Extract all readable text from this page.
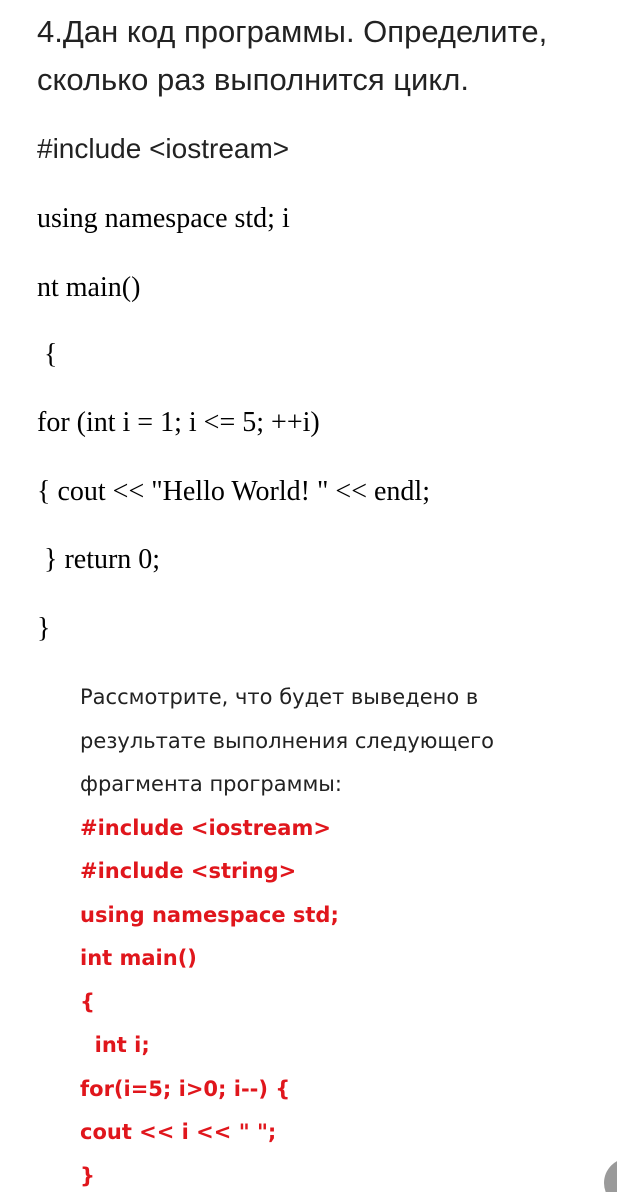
4.Дан код программы. Определите,
сколько раз выполнится цикл.
#include <iostream>
using namespace std; i
nt main()
{
for (int i = 1; i <= 5; ++i)
{ cout << "Hello World! " << endl;
} return 0;
}

Рассмотрите, что будет выведено в
результате выполнения следующего
фрагмента программы:

#include <iostream>
#include <string>
using namespace std;
int main()
{
int i;
for(i=5; i>0; i--) {
cout << i << " ";
}
